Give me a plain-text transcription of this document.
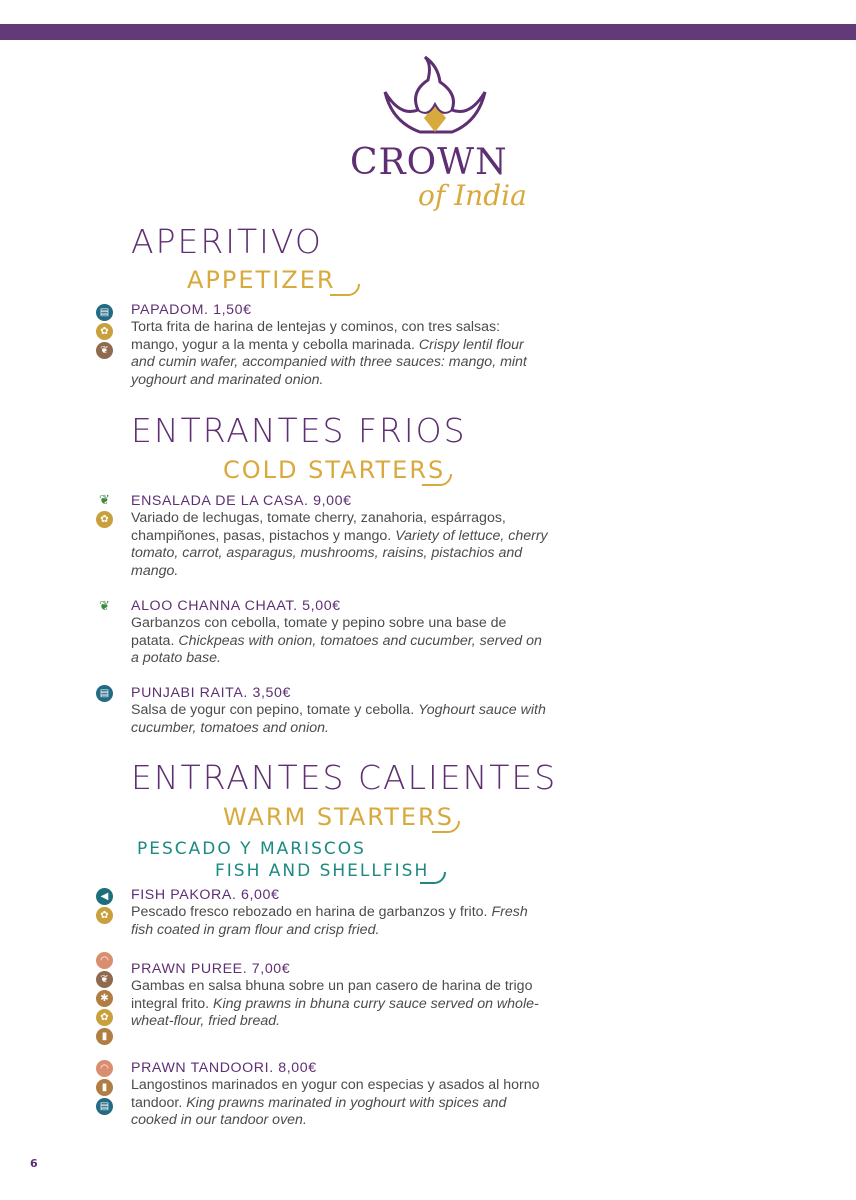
CROWN
of India
APERITIVO
APPETIZER
▤
✿
❦
PAPADOM. 1,50€
Torta frita de harina de lentejas y cominos, con tres salsas: mango, yogur a la menta y cebolla marinada. Crispy lentil flour and cumin wafer, accompanied with three sauces: mango, mint yoghourt and marinated onion.
ENTRANTES FRIOS
COLD STARTERS
❦
✿
ENSALADA DE LA CASA. 9,00€
Variado de lechugas, tomate cherry, zanahoria, espárragos, champiñones, pasas, pistachos y mango. Variety of lettuce, cherry tomato, carrot, asparagus, mushrooms, raisins, pistachios and mango.
❦ ALOO CHANNA CHAAT. 5,00€
Garbanzos con cebolla, tomate y pepino sobre una base de patata. Chickpeas with onion, tomatoes and cucumber, served on a potato base.
▤ PUNJABI RAITA. 3,50€
Salsa de yogur con pepino, tomate y cebolla. Yoghourt sauce with cucumber, tomatoes and onion.
ENTRANTES CALIENTES
WARM STARTERS
PESCADO Y MARISCOS
FISH AND SHELLFISH
◀
✿
FISH PAKORA. 6,00€
Pescado fresco rebozado en harina de garbanzos y frito. Fresh fish coated in gram flour and crisp fried.
◠
❦
✱
✿
▮
PRAWN PUREE. 7,00€
Gambas en salsa bhuna sobre un pan casero de harina de trigo integral frito. King prawns in bhuna curry sauce served on whole-wheat-flour, fried bread.
◠
▮
▤
PRAWN TANDOORI. 8,00€
Langostinos marinados en yogur con especias y asados al horno tandoor. King prawns marinated in yoghourt with spices and cooked in our tandoor oven.
6
